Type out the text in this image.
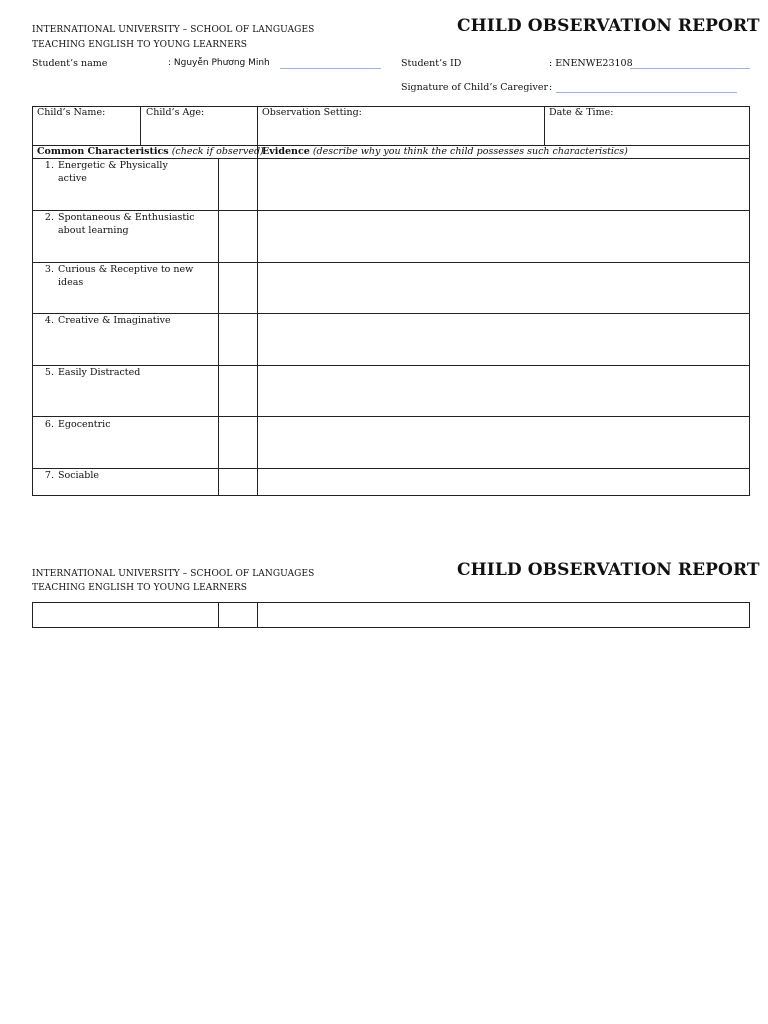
INTERNATIONAL UNIVERSITY – SCHOOL OF LANGUAGES
TEACHING ENGLISH TO YOUNG LEARNERS
CHILD OBSERVATION REPORT
Student’s name	: Nguyễn Phương Minh	Student’s ID	: ENENWE23108
Signature of Child’s Caregiver :
Child’s Name:	Child’s Age:	Observation Setting:	Date & Time:
Common Characteristics (check if observed)
Evidence (describe why you think the child possesses such characteristics)
1. Energetic & Physically active
2. Spontaneous & Enthusiastic about learning
3. Curious & Receptive to new ideas
4. Creative & Imaginative
5. Easily Distracted
6. Egocentric
7. Sociable
INTERNATIONAL UNIVERSITY – SCHOOL OF LANGUAGES
TEACHING ENGLISH TO YOUNG LEARNERS
CHILD OBSERVATION REPORT
